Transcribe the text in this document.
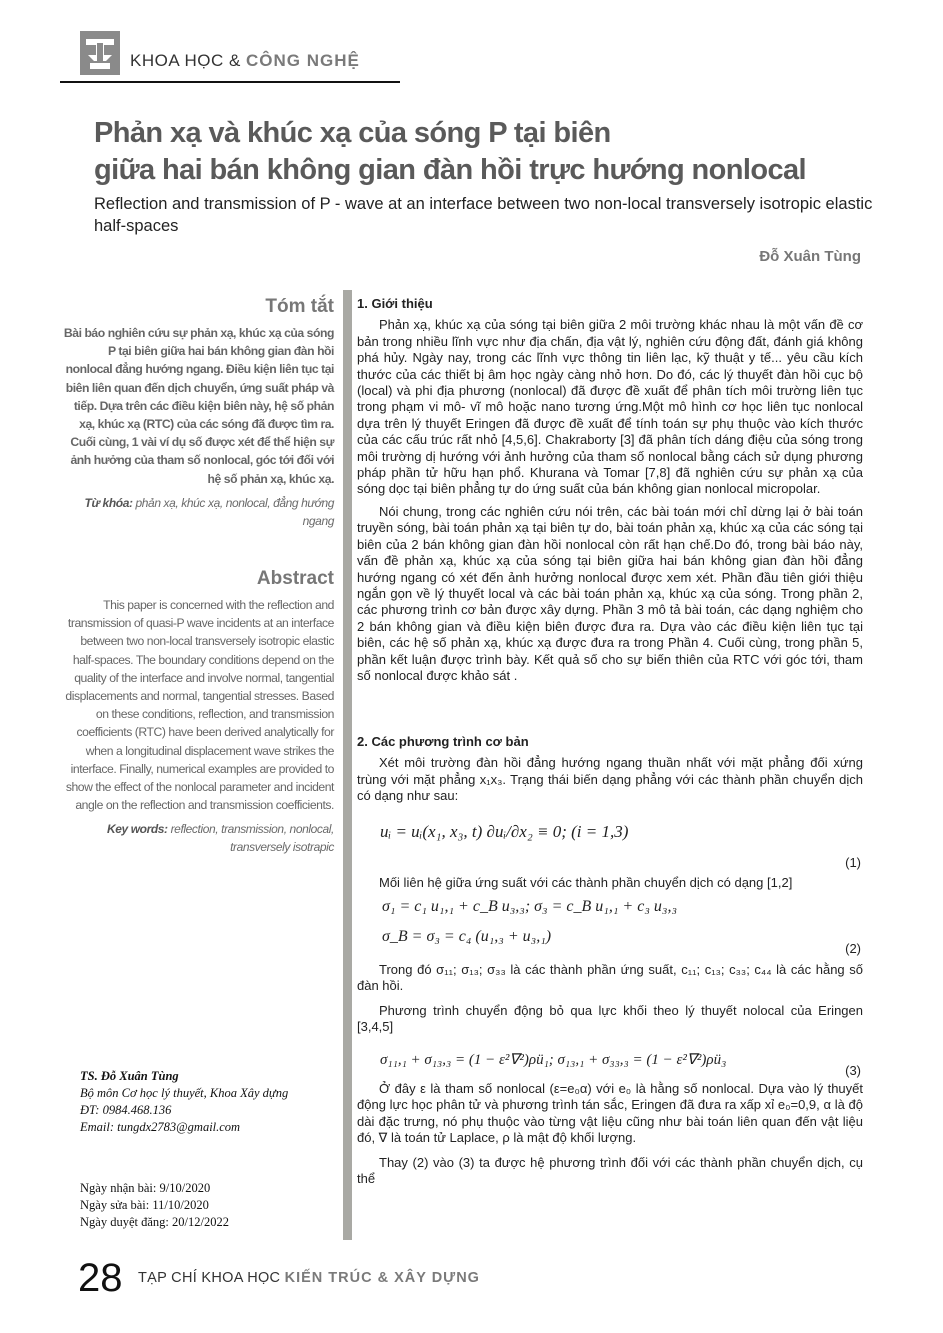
KHOA HỌC & CÔNG NGHỆ
Phản xạ và khúc xạ của sóng P tại biên
giữa hai bán không gian đàn hồi trực hướng nonlocal
Reflection and transmission of P - wave at an interface between two non-local transversely isotropic elastic half-spaces
Đỗ Xuân Tùng
Tóm tắt
Bài báo nghiên cứu sự phản xạ, khúc xạ của sóng P tại biên giữa hai bán không gian đàn hồi nonlocal đẳng hướng ngang. Điều kiện liên tục tại biên liên quan đến dịch chuyển, ứng suất pháp và tiếp. Dựa trên các điều kiện biên này, hệ số phản xạ, khúc xạ (RTC) của các sóng đã được tìm ra. Cuối cùng, 1 vài ví dụ số được xét để thể hiện sự ảnh hưởng của tham số nonlocal, góc tới đối với hệ số phản xạ, khúc xạ.
Từ khóa: phản xạ, khúc xạ, nonlocal, đẳng hướng ngang
Abstract
This paper is concerned with the reflection and transmission of quasi-P wave incidents at an interface between two non-local transversely isotropic elastic half-spaces. The boundary conditions depend on the quality of the interface and involve normal, tangential displacements and normal, tangential stresses. Based on these conditions, reflection, and transmission coefficients (RTC) have been derived analytically for when a longitudinal displacement wave strikes the interface. Finally, numerical examples are provided to show the effect of the nonlocal parameter and incident angle on the reflection and transmission coefficients.
Key words: reflection, transmission, nonlocal, transversely isotrapic
TS. Đỗ Xuân Tùng
Bộ môn Cơ học lý thuyết, Khoa Xây dựng
ĐT: 0984.468.136
Email: tungdx2783@gmail.com
Ngày nhận bài: 9/10/2020
Ngày sửa bài: 11/10/2020
Ngày duyệt đăng: 20/12/2022
1. Giới thiệu

Phản xạ, khúc xạ của sóng tại biên giữa 2 môi trường khác nhau là một vấn đề cơ bản trong nhiều lĩnh vực như địa chấn, địa vật lý, nghiên cứu động đất, đánh giá không phá hủy. Ngày nay, trong các lĩnh vực thông tin liên lạc, kỹ thuật y tế... yêu cầu kích thước của các thiết bị âm học ngày càng nhỏ hơn. Do đó, các lý thuyết đàn hồi cục bộ (local) và phi địa phương (nonlocal) đã được đề xuất để phân tích môi trường liên tục trong phạm vi mô- vĩ mô hoặc nano tương ứng.Một mô hình cơ học liên tục nonlocal dựa trên lý thuyết Eringen đã được đề xuất để tính toán sự phụ thuộc vào kích thước của các cấu trúc rất nhỏ [4,5,6]. Chakraborty [3] đã phân tích dáng điệu của sóng trong môi trường dị hướng với ảnh hưởng của tham số nonlocal bằng cách sử dụng phương pháp phần tử hữu hạn phổ. Khurana và Tomar [7,8] đã nghiên cứu sự phản xạ của sóng dọc tại biên phẳng tự do ứng suất của bán không gian nonlocal micropolar.

Nói chung, trong các nghiên cứu nói trên, các bài toán mới chỉ dừng lại ở bài toán truyền sóng, bài toán phản xạ tại biên tự do, bài toán phản xạ, khúc xạ của các sóng tại biên của 2 bán không gian đàn hồi nonlocal còn rất hạn chế.Do đó, trong bài báo này, vấn đề phản xạ, khúc xạ của sóng tại biên giữa hai bán không gian đàn hồi đẳng hướng ngang có xét đến ảnh hưởng nonlocal được xem xét. Phần đầu tiên giới thiệu ngắn gọn về lý thuyết local và các bài toán phản xạ, khúc xạ của sóng. Trong phần 2, các phương trình cơ bản được xây dựng. Phần 3 mô tả bài toán, các dạng nghiệm cho 2 bán không gian và điều kiện biên được đưa ra. Dựa vào các điều kiện liên tục tại biên, các hệ số phản xạ, khúc xạ được đưa ra trong Phần 4. Cuối cùng, trong phần 5, phần kết luận được trình bày. Kết quả số cho sự biến thiên của RTC với góc tới, tham số nonlocal được khảo sát .

2. Các phương trình cơ bản

Xét môi trường đàn hồi đẳng hướng ngang thuần nhất với mặt phẳng đối xứng trùng với mặt phẳng x₁x₃. Trạng thái biến dạng phẳng với các thành phần chuyển dịch có dạng như sau:

uᵢ = uᵢ(x₁, x₃, t) ∂uᵢ/∂x₂ ≡ 0; (i = 1,3)
(1)

Mối liên hệ giữa ứng suất với các thành phần chuyển dịch có dạng [1,2]

σ₁ = c₁ u₁,₁ + c_B u₃,₃; σ₃ = c_B u₁,₁ + c₃ u₃,₃
σ_B = σ₃ = c₄ (u₁,₃ + u₃,₁)
(2)

Trong đó σ₁₁; σ₁₃; σ₃₃ là các thành phần ứng suất, c₁₁; c₁₃; c₃₃; c₄₄ là các hằng số đàn hồi.

Phương trình chuyển động bỏ qua lực khối theo lý thuyết nolocal của Eringen [3,4,5]

σ₁₁,₁ + σ₁₃,₃ = (1 − ε²∇²)ρü₁; σ₁₃,₁ + σ₃₃,₃ = (1 − ε²∇²)ρü₃
(3)

Ở đây ε là tham số nonlocal (ε=e₀α) với e₀ là hằng số nonlocal. Dựa vào lý thuyết động lực học phân tử và phương trình tán sắc, Eringen đã đưa ra xấp xỉ e₀=0,9, α là độ dài đặc trưng, nó phụ thuộc vào từng vật liệu cũng như bài toán liên quan đến vật liệu đó, ∇ là toán tử Laplace, ρ là mật độ khối lượng.

Thay (2) vào (3) ta được hệ phương trình đối với các thành phần chuyển dịch, cụ thể

28 TẠP CHÍ KHOA HỌC KIẾN TRÚC & XÂY DỰNG
